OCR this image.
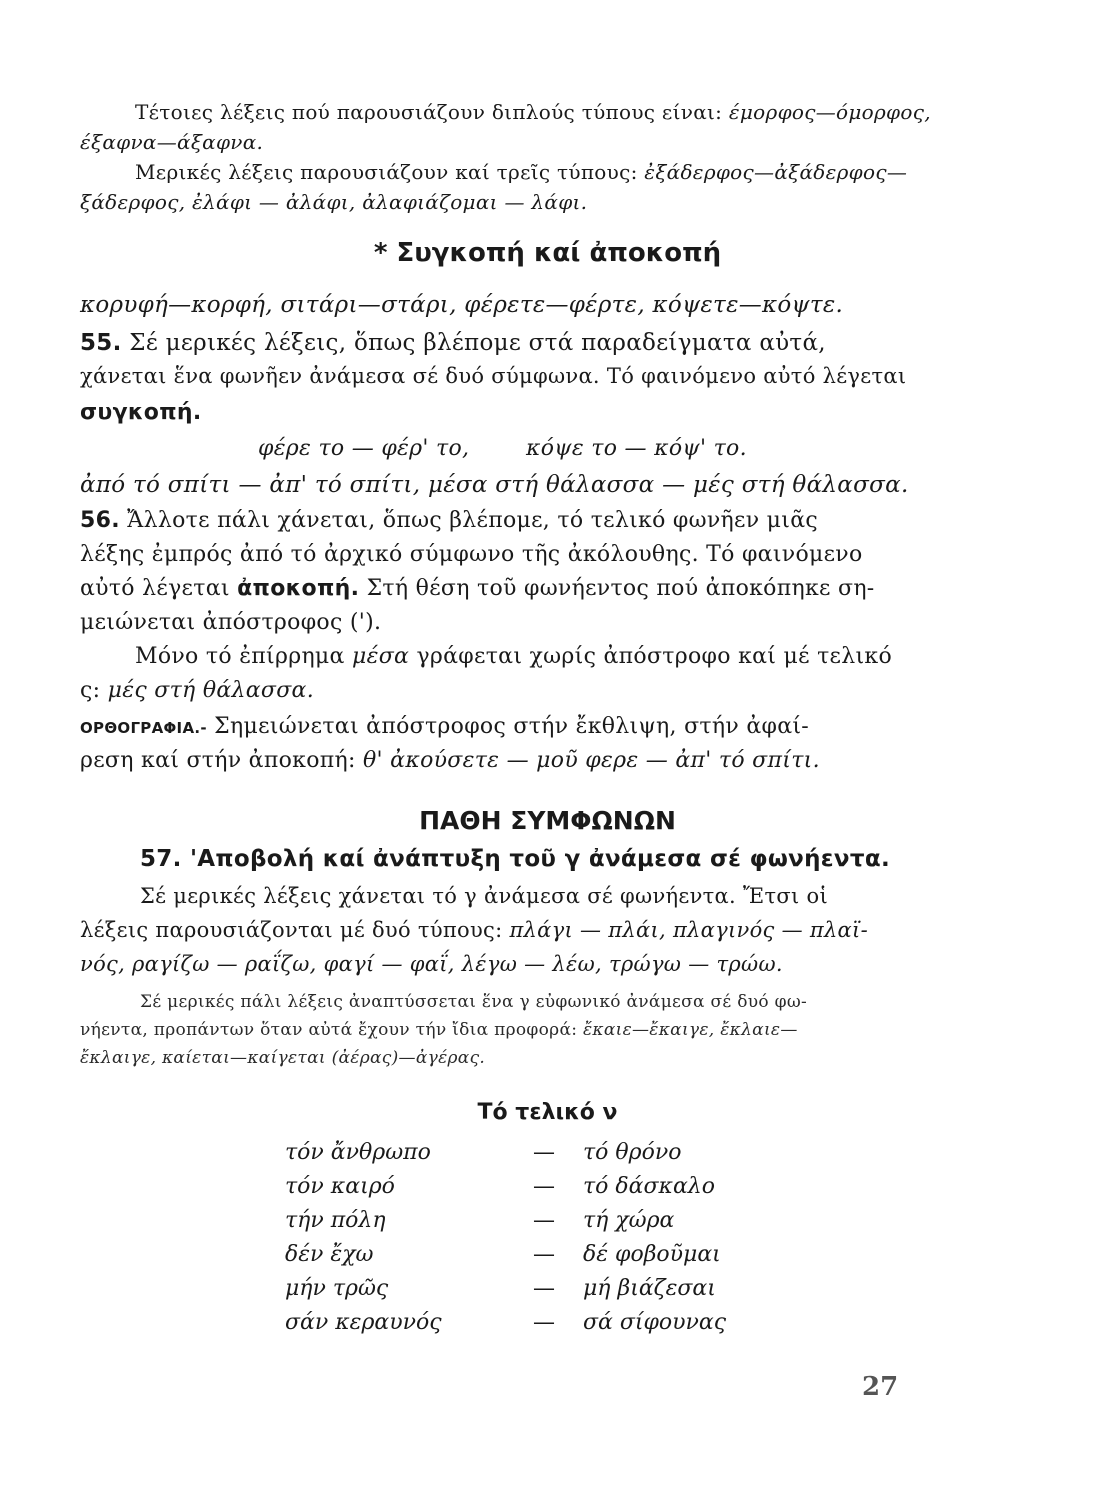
Τέτοιες λέξεις πού παρουσιάζουν διπλούς τύπους είναι: έμορφος—όμορφος,
έξαφνα—άξαφνα.
Μερικές λέξεις παρουσιάζουν καί τρεῖς τύπους: ἐξάδερφος—ἀξάδερφος—
ξάδερφος, ἐλάφι — ἀλάφι, ἀλαφιάζομαι — λάφι.
* Συγκοπή καί ἀποκοπή
κορυφή—κορφή, σιτάρι—στάρι, φέρετε—φέρτε, κόψετε—κόψτε.
55. Σέ μερικές λέξεις, ὅπως βλέπομε στά παραδείγματα αὐτά,
χάνεται ἕνα φωνῆεν ἀνάμεσα σέ δυό σύμφωνα. Τό φαινόμενο αὐτό λέγεται
συγκοπή.
φέρε το — φέρ' το,	κόψε το — κόψ' το.
ἀπό τό σπίτι — ἀπ' τό σπίτι, μέσα στή θάλασσα — μές στή θάλασσα.
56. Ἄλλοτε πάλι χάνεται, ὅπως βλέπομε, τό τελικό φωνῆεν μιᾶς
λέξης ἐμπρός ἀπό τό ἀρχικό σύμφωνο τῆς ἀκόλουθης. Τό φαινόμενο
αὐτό λέγεται ἀποκοπή. Στή θέση τοῦ φωνήεντος πού ἀποκόπηκε ση-
μειώνεται ἀπόστροφος (').
Μόνο τό ἐπίρρημα μέσα γράφεται χωρίς ἀπόστροφο καί μέ τελικό
ς: μές στή θάλασσα.
ΟΡΘΟΓΡΑΦΙΑ.- Σημειώνεται ἀπόστροφος στήν ἔκθλιψη, στήν ἀφαί-
ρεση καί στήν ἀποκοπή: θ' ἀκούσετε — μοῦ φερε — ἀπ' τό σπίτι.
ΠΑΘΗ ΣΥΜΦΩΝΩΝ
57. 'Αποβολή καί ἀνάπτυξη τοῦ γ ἀνάμεσα σέ φωνήεντα.
Σέ μερικές λέξεις χάνεται τό γ ἀνάμεσα σέ φωνήεντα. Ἔτσι οἱ
λέξεις παρουσιάζονται μέ δυό τύπους: πλάγι — πλάι, πλαγινός — πλαϊ-
νός, ραγίζω — ραΐζω, φαγί — φαΐ, λέγω — λέω, τρώγω — τρώω.
Σέ μερικές πάλι λέξεις ἀναπτύσσεται ἕνα γ εὐφωνικό ἀνάμεσα σέ δυό φω-
νήεντα, προπάντων ὅταν αὐτά ἔχουν τήν ἴδια προφορά: ἔκαιε—ἔκαιγε, ἔκλαιε—
ἔκλαιγε, καίεται—καίγεται (ἀέρας)—ἀγέρας.
Τό τελικό ν
τόν ἄνθρωπο	— τό θρόνο
τόν καιρό	— τό δάσκαλο
τήν πόλη	— τή χώρα
δέν ἔχω	— δέ φοβοῦμαι
μήν τρῶς	— μή βιάζεσαι
σάν κεραυνός	— σά σίφουνας
27
